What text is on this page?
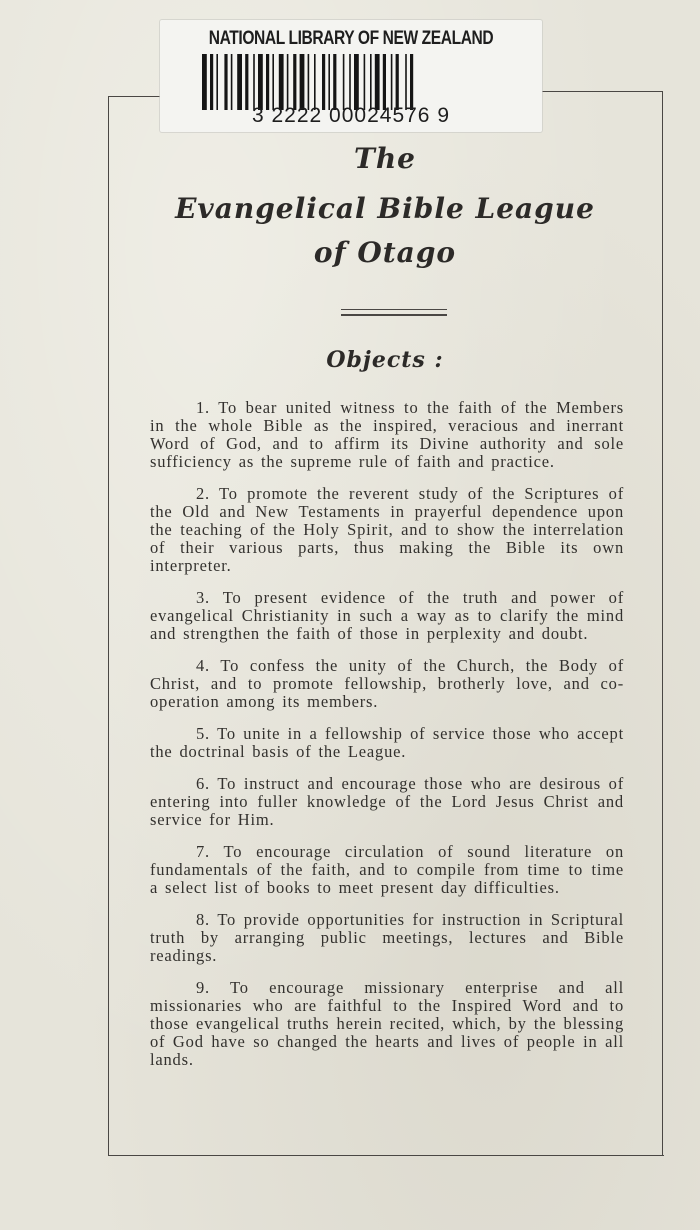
NATIONAL LIBRARY OF NEW ZEALAND
3 2222 00024576 9
The
Evangelical Bible League
of Otago
Objects :

1. To bear united witness to the faith of the Members in the whole Bible as the inspired, veracious and inerrant Word of God, and to affirm its Divine authority and sole sufficiency as the supreme rule of faith and practice.

2. To promote the reverent study of the Scriptures of the Old and New Testaments in prayerful dependence upon the teaching of the Holy Spirit, and to show the interrelation of their various parts, thus making the Bible its own interpreter.

3. To present evidence of the truth and power of evangelical Christianity in such a way as to clarify the mind and strengthen the faith of those in perplexity and doubt.

4. To confess the unity of the Church, the Body of Christ, and to promote fellowship, brotherly love, and co-operation among its members.

5. To unite in a fellowship of service those who accept the doctrinal basis of the League.

6. To instruct and encourage those who are desirous of entering into fuller knowledge of the Lord Jesus Christ and service for Him.

7. To encourage circulation of sound literature on fundamentals of the faith, and to compile from time to time a select list of books to meet present day difficulties.

8. To provide opportunities for instruction in Scriptural truth by arranging public meetings, lectures and Bible readings.

9. To encourage missionary enterprise and all missionaries who are faithful to the Inspired Word and to those evangelical truths herein recited, which, by the blessing of God have so changed the hearts and lives of people in all lands.
